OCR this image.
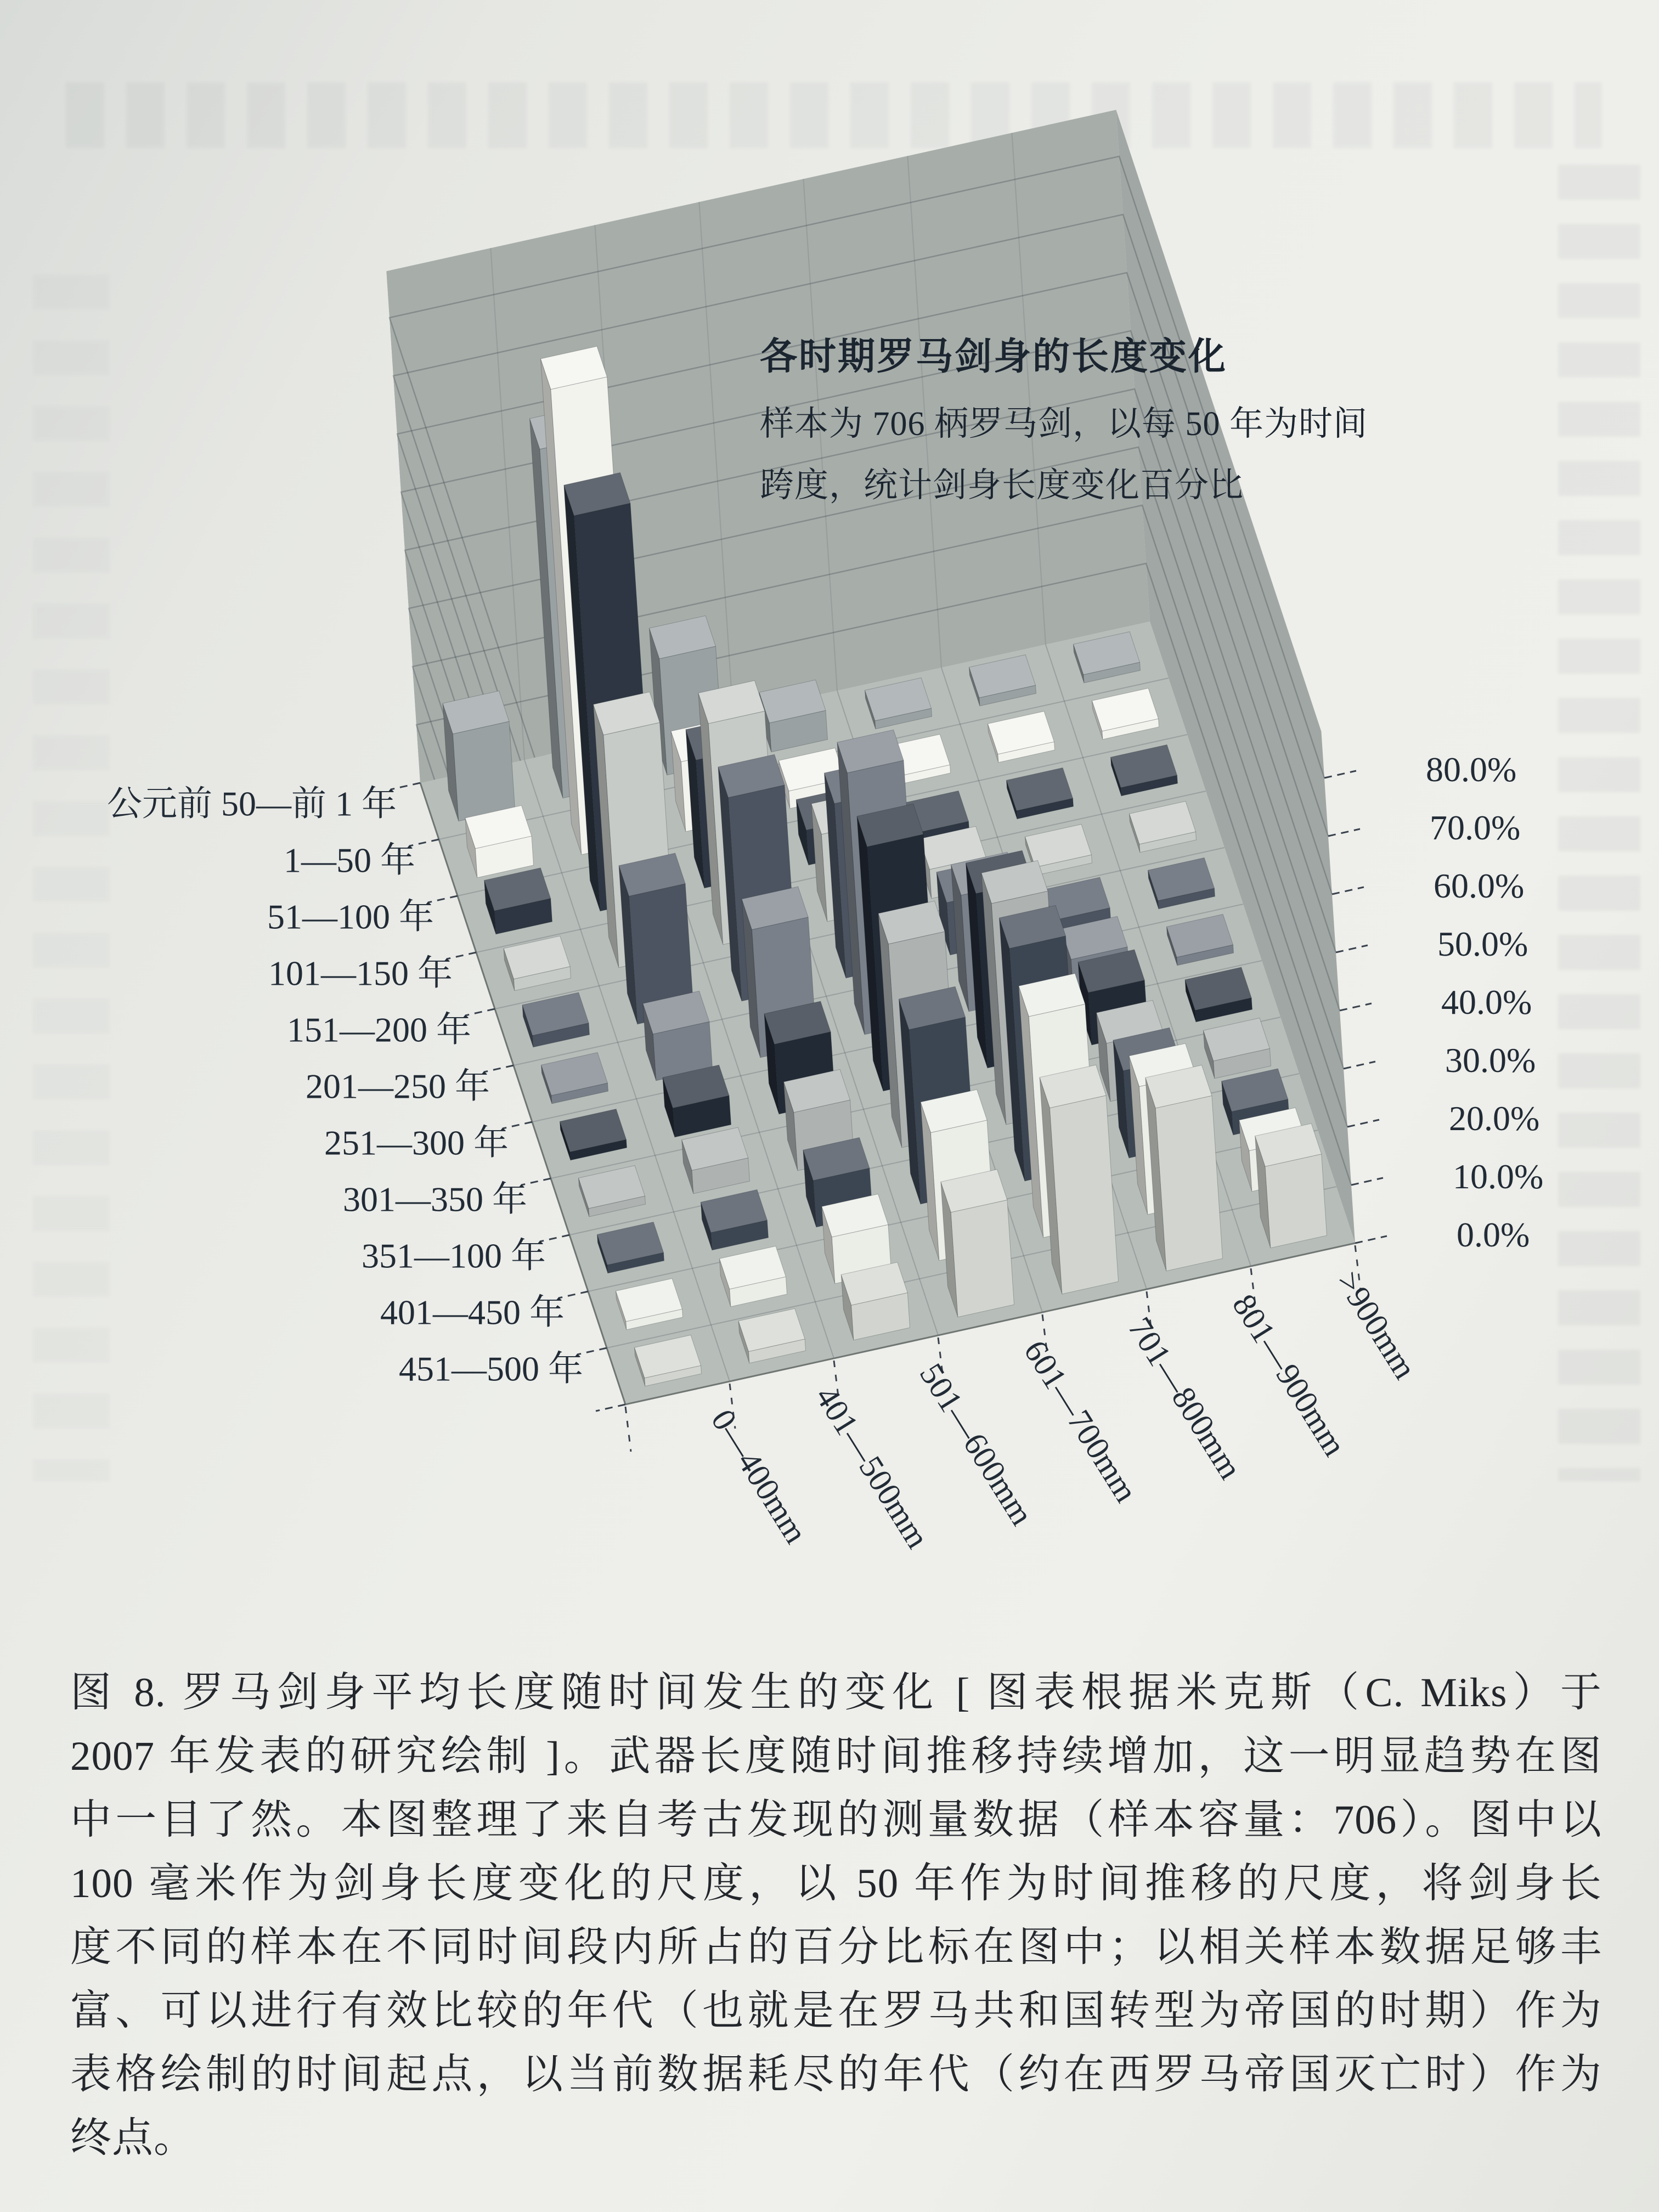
公元前 50—前 1 年
1—50 年
51—100 年
101—150 年
151—200 年
201—250 年
251—300 年
301—350 年
351—100 年
401—450 年
451—500 年
80.0%
70.0%
60.0%
50.0%
40.0%
30.0%
20.0%
10.0%
0.0%
0—400mm
401—500mm
501—600mm
601—700mm
701—800mm
801—900mm
>900mm
各时期罗马剑身的长度变化
样本为 706 柄罗马剑，以每 50 年为时间
跨度，统计剑身长度变化百分比
图 8. 罗马剑身平均长度随时间发生的变化 [ 图表根据米克斯（C. Miks）于
2007 年发表的研究绘制 ]。武器长度随时间推移持续增加，这一明显趋势在图
中一目了然。本图整理了来自考古发现的测量数据（样本容量：706）。图中以
100 毫米作为剑身长度变化的尺度，以 50 年作为时间推移的尺度，将剑身长
度不同的样本在不同时间段内所占的百分比标在图中；以相关样本数据足够丰
富、可以进行有效比较的年代（也就是在罗马共和国转型为帝国的时期）作为
表格绘制的时间起点，以当前数据耗尽的年代（约在西罗马帝国灭亡时）作为
终点。
